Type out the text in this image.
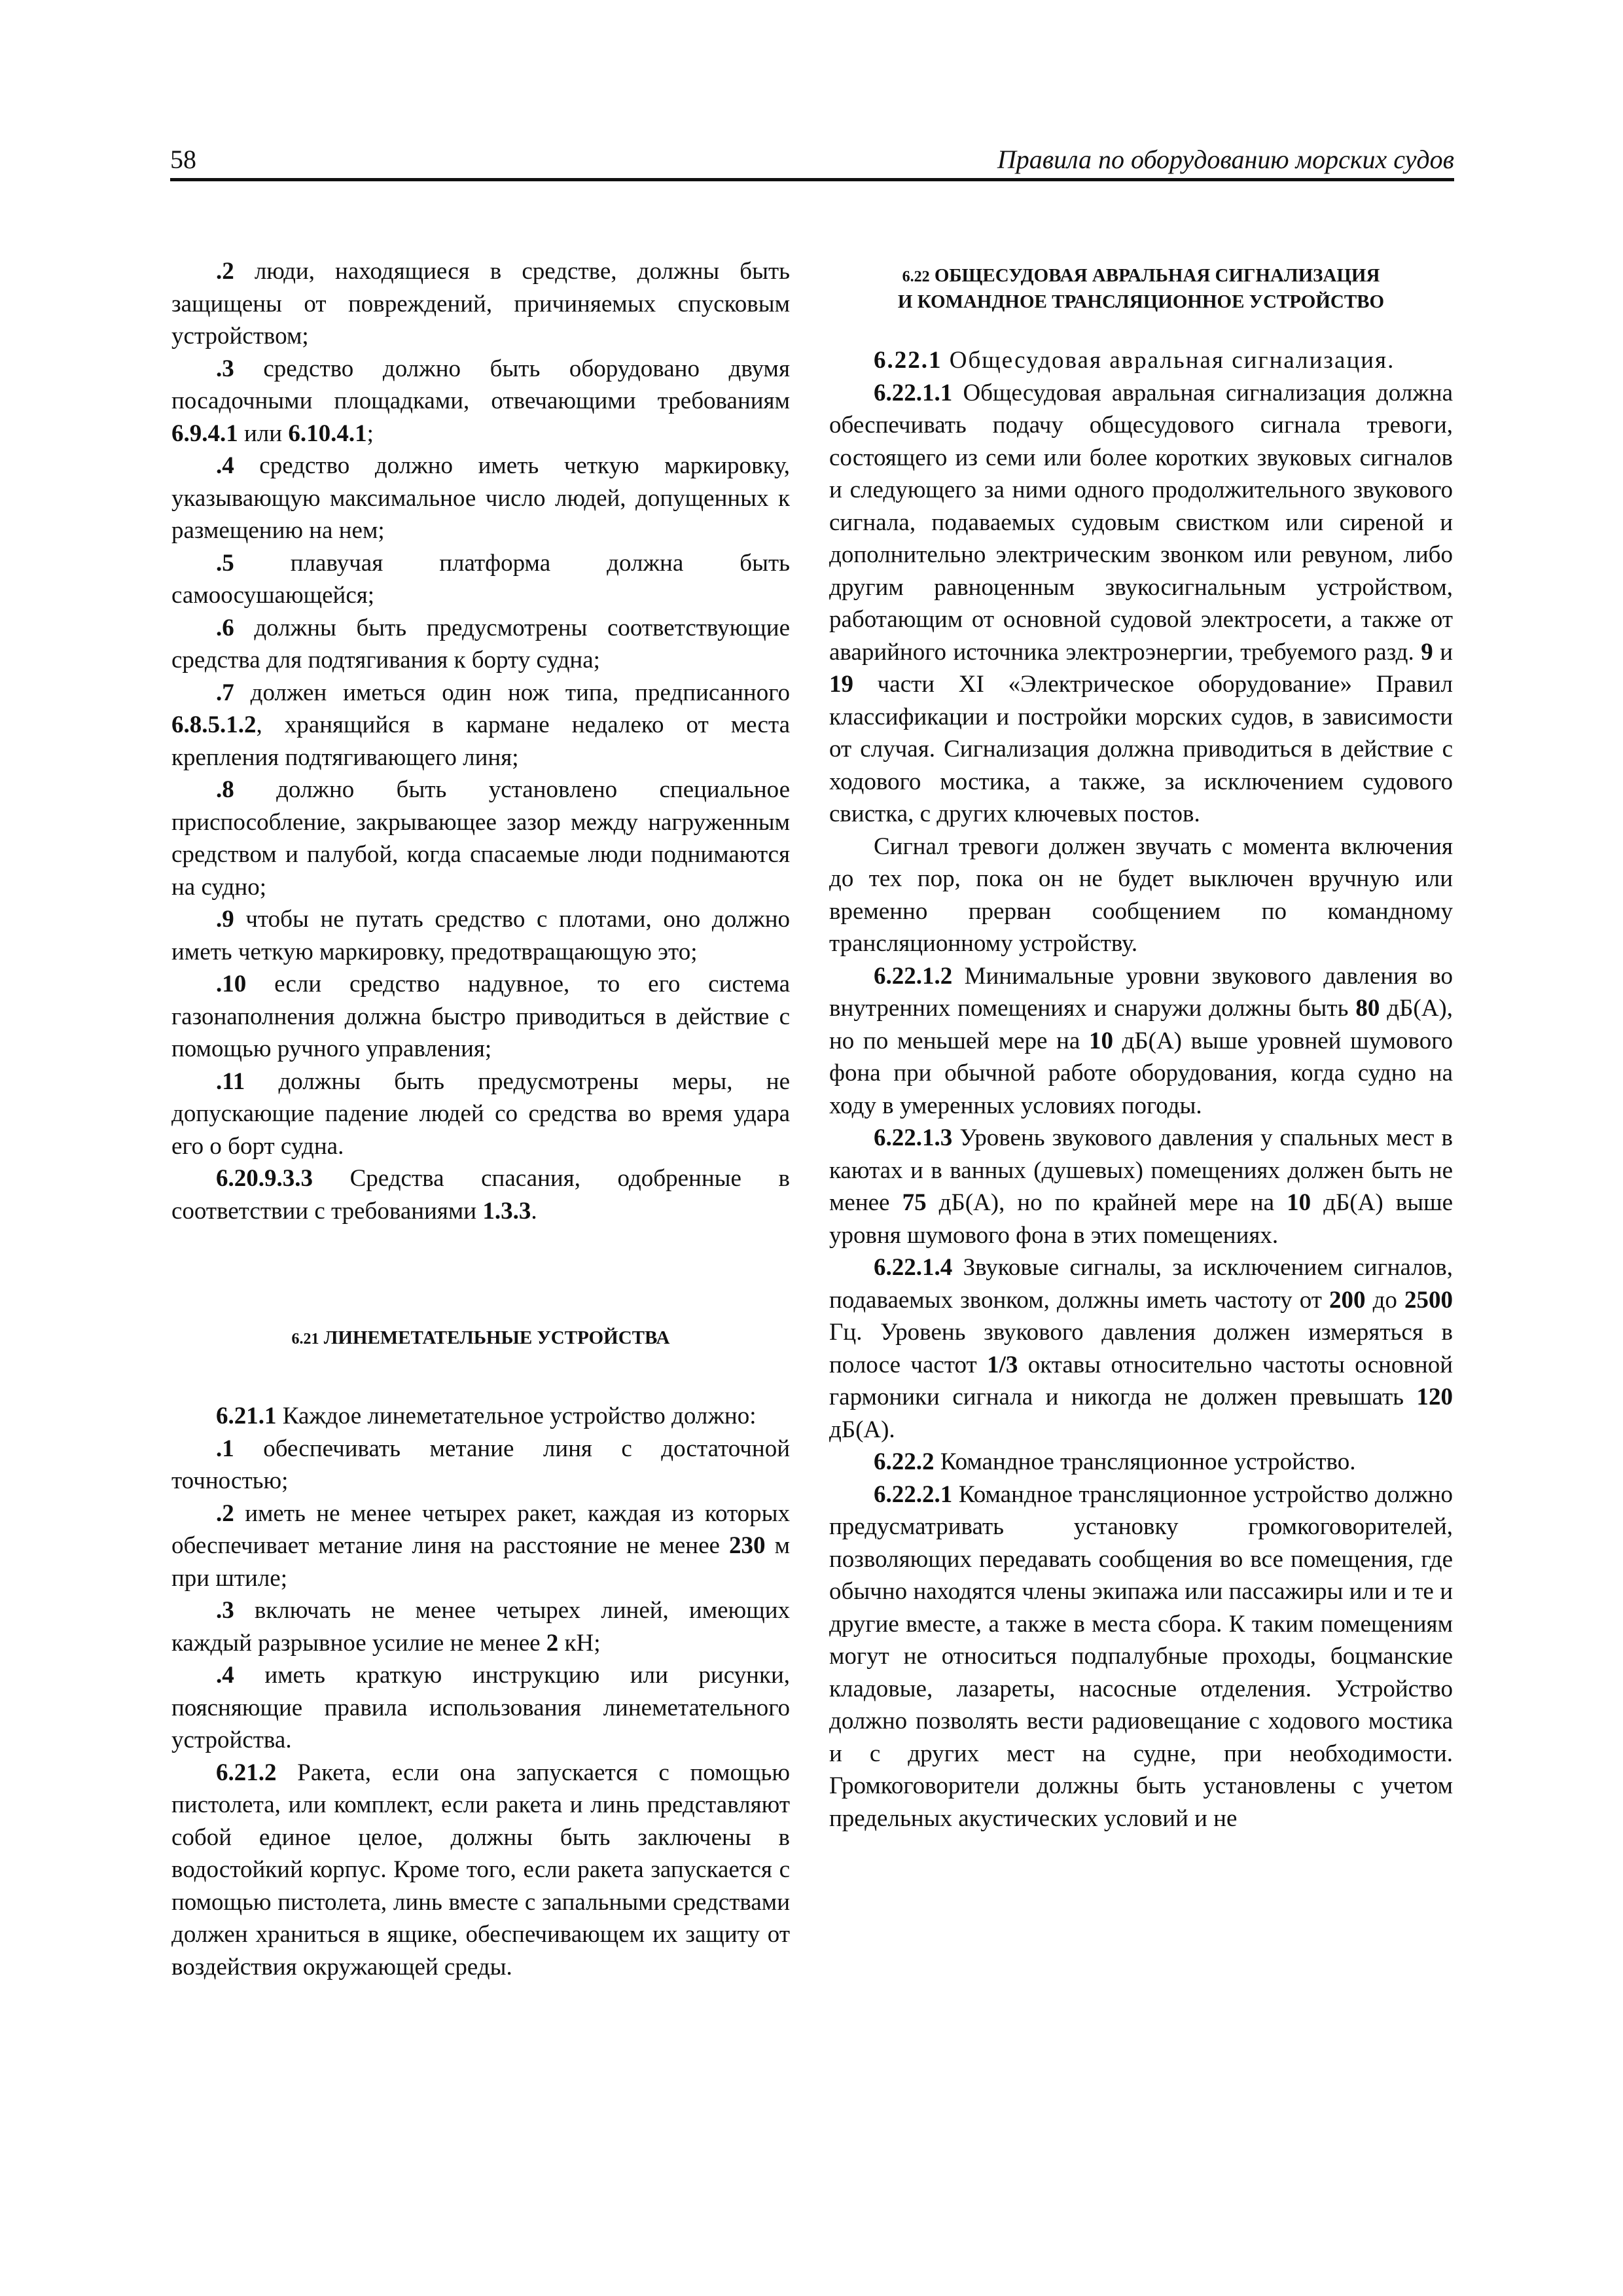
58	Правила по оборудованию морских судов

.2 люди, находящиеся в средстве, должны быть защищены от повреждений, причиняемых спусковым устройством;

.3 средство должно быть оборудовано двумя посадочными площадками, отвечающими требованиям 6.9.4.1 или 6.10.4.1;

.4 средство должно иметь четкую маркировку, указывающую максимальное число людей, допущенных к размещению на нем;

.5 плавучая платформа должна быть самоосушающейся;

.6 должны быть предусмотрены соответствующие средства для подтягивания к борту судна;

.7 должен иметься один нож типа, предписанного 6.8.5.1.2, хранящийся в кармане недалеко от места крепления подтягивающего линя;

.8 должно быть установлено специальное приспособление, закрывающее зазор между нагруженным средством и палубой, когда спасаемые люди поднимаются на судно;

.9 чтобы не путать средство с плотами, оно должно иметь четкую маркировку, предотвращающую это;

.10 если средство надувное, то его система газонаполнения должна быстро приводиться в действие с помощью ручного управления;

.11 должны быть предусмотрены меры, не допускающие падение людей со средства во время удара его о борт судна.

6.20.9.3.3 Средства спасания, одобренные в соответствии с требованиями 1.3.3.

6.21 ЛИНЕМЕТАТЕЛЬНЫЕ УСТРОЙСТВА

6.21.1 Каждое линеметательное устройство должно:

.1 обеспечивать метание линя с достаточной точностью;

.2 иметь не менее четырех ракет, каждая из которых обеспечивает метание линя на расстояние не менее 230 м при штиле;

.3 включать не менее четырех линей, имеющих каждый разрывное усилие не менее 2 кН;

.4 иметь краткую инструкцию или рисунки, поясняющие правила использования линеметательного устройства.

6.21.2 Ракета, если она запускается с помощью пистолета, или комплект, если ракета и линь представляют собой единое целое, должны быть заключены в водостойкий корпус. Кроме того, если ракета запускается с помощью пистолета, линь вместе с запальными средствами должен храниться в ящике, обеспечивающем их защиту от воздействия окружающей среды.

6.22 ОБЩЕСУДОВАЯ АВРАЛЬНАЯ СИГНАЛИЗАЦИЯ
И КОМАНДНОЕ ТРАНСЛЯЦИОННОЕ УСТРОЙСТВО

6.22.1 Общесудовая авральная сигнализация.

6.22.1.1 Общесудовая авральная сигнализация должна обеспечивать подачу общесудового сигнала тревоги, состоящего из семи или более коротких звуковых сигналов и следующего за ними одного продолжительного звукового сигнала, подаваемых судовым свистком или сиреной и дополнительно электрическим звонком или ревуном, либо другим равноценным звукосигнальным устройством, работающим от основной судовой электросети, а также от аварийного источника электроэнергии, требуемого разд. 9 и 19 части XI «Электрическое оборудование» Правил классификации и постройки морских судов, в зависимости от случая. Сигнализация должна приводиться в действие с ходового мостика, а также, за исключением судового свистка, с других ключевых постов.

Сигнал тревоги должен звучать с момента включения до тех пор, пока он не будет выключен вручную или временно прерван сообщением по командному трансляционному устройству.

6.22.1.2 Минимальные уровни звукового давления во внутренних помещениях и снаружи должны быть 80 дБ(А), но по меньшей мере на 10 дБ(А) выше уровней шумового фона при обычной работе оборудования, когда судно на ходу в умеренных условиях погоды.

6.22.1.3 Уровень звукового давления у спальных мест в каютах и в ванных (душевых) помещениях должен быть не менее 75 дБ(А), но по крайней мере на 10 дБ(А) выше уровня шумового фона в этих помещениях.

6.22.1.4 Звуковые сигналы, за исключением сигналов, подаваемых звонком, должны иметь частоту от 200 до 2500 Гц. Уровень звукового давления должен измеряться в полосе частот 1/3 октавы относительно частоты основной гармоники сигнала и никогда не должен превышать 120 дБ(А).

6.22.2 Командное трансляционное устройство.

6.22.2.1 Командное трансляционное устройство должно предусматривать установку громкоговорителей, позволяющих передавать сообщения во все помещения, где обычно находятся члены экипажа или пассажиры или и те и другие вместе, а также в места сбора. К таким помещениям могут не относиться подпалубные проходы, боцманские кладовые, лазареты, насосные отделения. Устройство должно позволять вести радиовещание с ходового мостика и с других мест на судне, при необходимости. Громкоговорители должны быть установлены с учетом предельных акустических условий и не
